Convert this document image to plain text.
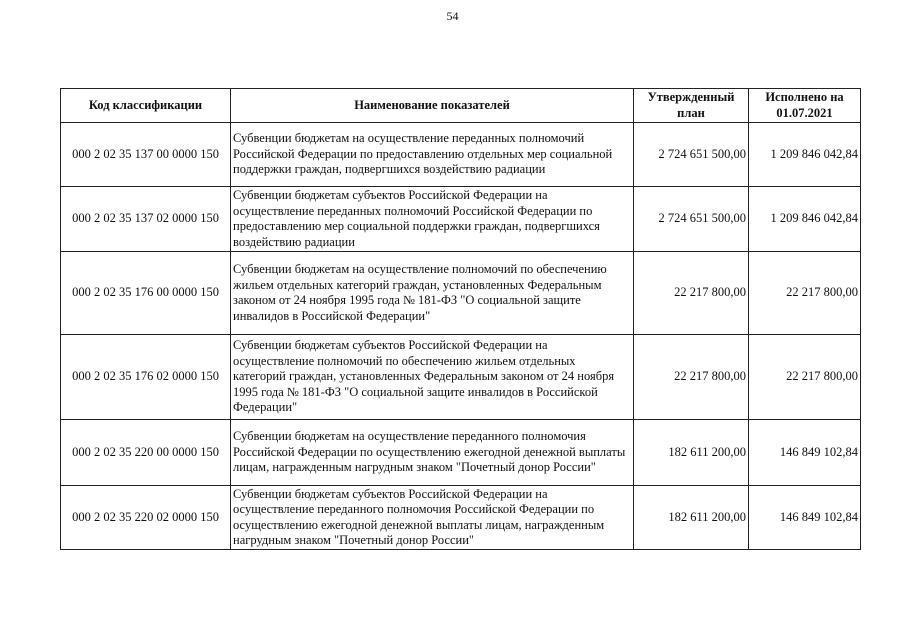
54
Код классификации	Наименование показателей	Утвержденный план	Исполнено на 01.07.2021
000 2 02 35 137 00 0000 150	Субвенции бюджетам на осуществление переданных полномочий Российской Федерации по предоставлению отдельных мер социальной поддержки граждан, подвергшихся воздействию радиации	2 724 651 500,00	1 209 846 042,84
000 2 02 35 137 02 0000 150	Субвенции бюджетам субъектов Российской Федерации на осуществление переданных полномочий Российской Федерации по предоставлению мер социальной поддержки граждан, подвергшихся воздействию радиации	2 724 651 500,00	1 209 846 042,84
000 2 02 35 176 00 0000 150	Субвенции бюджетам на осуществление полномочий по обеспечению жильем отдельных категорий граждан, установленных Федеральным законом от 24 ноября 1995 года № 181-ФЗ "О социальной защите инвалидов в Российской Федерации"	22 217 800,00	22 217 800,00
000 2 02 35 176 02 0000 150	Субвенции бюджетам субъектов Российской Федерации на осуществление полномочий по обеспечению жильем отдельных категорий граждан, установленных Федеральным законом от 24 ноября 1995 года № 181-ФЗ "О социальной защите инвалидов в Российской Федерации"	22 217 800,00	22 217 800,00
000 2 02 35 220 00 0000 150	Субвенции бюджетам на осуществление переданного полномочия Российской Федерации по осуществлению ежегодной денежной выплаты лицам, награжденным нагрудным знаком "Почетный донор России"	182 611 200,00	146 849 102,84
000 2 02 35 220 02 0000 150	Субвенции бюджетам субъектов Российской Федерации на осуществление переданного полномочия Российской Федерации по осуществлению ежегодной денежной выплаты лицам, награжденным нагрудным знаком "Почетный донор России"	182 611 200,00	146 849 102,84
